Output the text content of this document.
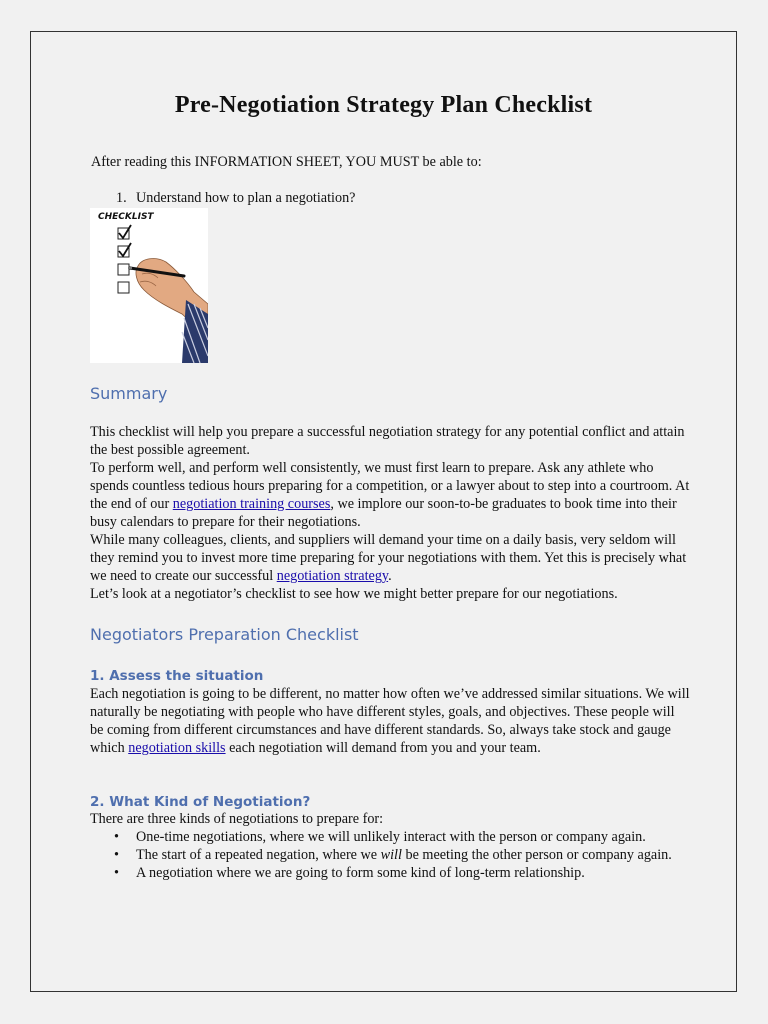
Pre-Negotiation Strategy Plan Checklist

After reading this INFORMATION SHEET, YOU MUST be able to:

1. Understand how to plan a negotiation?

CHECKLIST
Summary

This checklist will help you prepare a successful negotiation strategy for any potential conflict and attain the best possible agreement.

To perform well, and perform well consistently, we must first learn to prepare. Ask any athlete who spends countless tedious hours preparing for a competition, or a lawyer about to step into a courtroom. At the end of our negotiation training courses, we implore our soon-to-be graduates to book time into their busy calendars to prepare for their negotiations.

While many colleagues, clients, and suppliers will demand your time on a daily basis, very seldom will they remind you to invest more time preparing for your negotiations with them. Yet this is precisely what we need to create our successful negotiation strategy.

Let’s look at a negotiator’s checklist to see how we might better prepare for our negotiations.

Negotiators Preparation Checklist
1. Assess the situation

Each negotiation is going to be different, no matter how often we’ve addressed similar situations. We will naturally be negotiating with people who have different styles, goals, and objectives. These people will be coming from different circumstances and have different standards. So, always take stock and gauge which negotiation skills each negotiation will demand from you and your team.

2. What Kind of Negotiation?

There are three kinds of negotiations to prepare for:

• One-time negotiations, where we will unlikely interact with the person or company again.
• The start of a repeated negation, where we will be meeting the other person or company again.
• A negotiation where we are going to form some kind of long-term relationship.
